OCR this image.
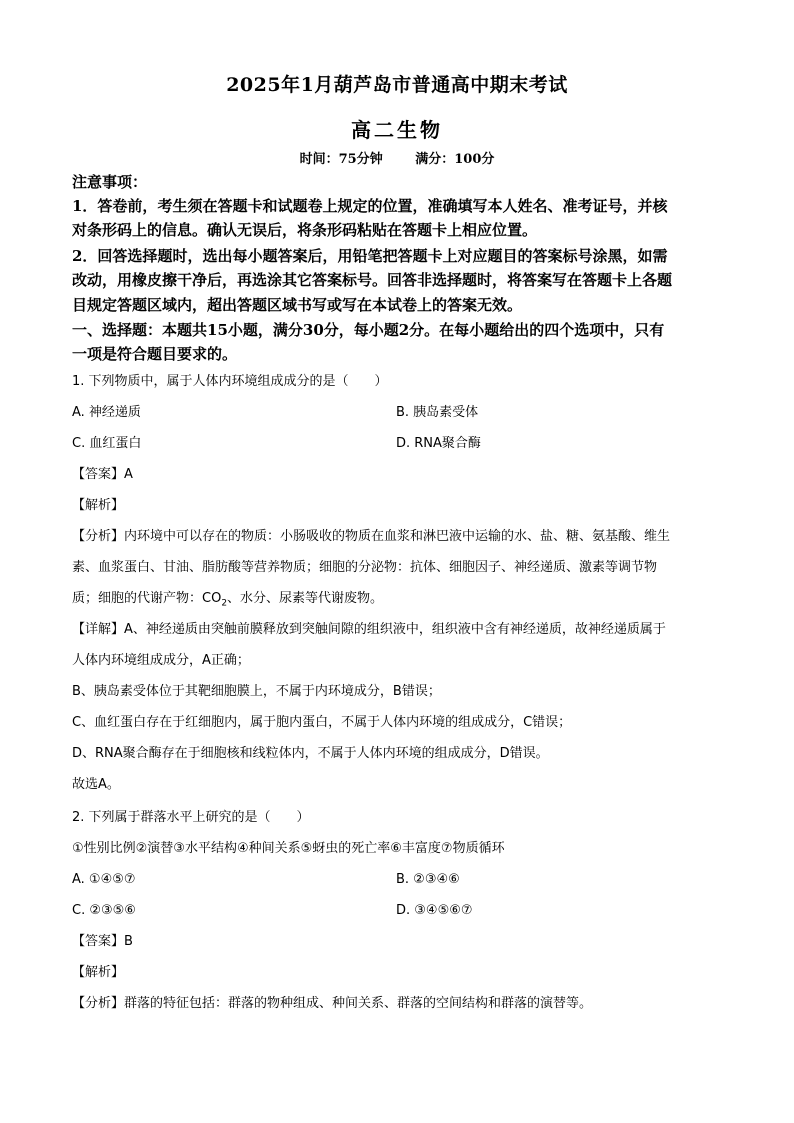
2025年1月葫芦岛市普通高中期末考试
高二生物
时间：75分钟	满分：100分
注意事项：
1．答卷前，考生须在答题卡和试题卷上规定的位置，准确填写本人姓名、准考证号，并核
对条形码上的信息。确认无误后，将条形码粘贴在答题卡上相应位置。
2．回答选择题时，选出每小题答案后，用铅笔把答题卡上对应题目的答案标号涂黑，如需
改动，用橡皮擦干净后，再选涂其它答案标号。回答非选择题时，将答案写在答题卡上各题
目规定答题区域内，超出答题区域书写或写在本试卷上的答案无效。
一、选择题：本题共15小题，满分30分，每小题2分。在每小题给出的四个选项中，只有
一项是符合题目要求的。
1. 下列物质中，属于人体内环境组成成分的是（　　）
A. 神经递质	B. 胰岛素受体
C. 血红蛋白	D. RNA聚合酶
【答案】A
【解析】
【分析】内环境中可以存在的物质：小肠吸收的物质在血浆和淋巴液中运输的水、盐、糖、氨基酸、维生
素、血浆蛋白、甘油、脂肪酸等营养物质；细胞的分泌物：抗体、细胞因子、神经递质、激素等调节物
质；细胞的代谢产物：$CO_2$、水分、尿素等代谢废物。
【详解】A、神经递质由突触前膜释放到突触间隙的组织液中，组织液中含有神经递质，故神经递质属于
人体内环境组成成分，A正确；
B、胰岛素受体位于其靶细胞膜上，不属于内环境成分，B错误；
C、血红蛋白存在于红细胞内，属于胞内蛋白，不属于人体内环境的组成成分，C错误；
D、RNA聚合酶存在于细胞核和线粒体内，不属于人体内环境的组成成分，D错误。
故选A。
2. 下列属于群落水平上研究的是（　　）
①性别比例②演替③水平结构④种间关系⑤蚜虫的死亡率⑥丰富度⑦物质循环
A. ①④⑤⑦	B. ②③④⑥
C. ②③⑤⑥	D. ③④⑤⑥⑦
【答案】B
【解析】
【分析】群落的特征包括：群落的物种组成、种间关系、群落的空间结构和群落的演替等。
